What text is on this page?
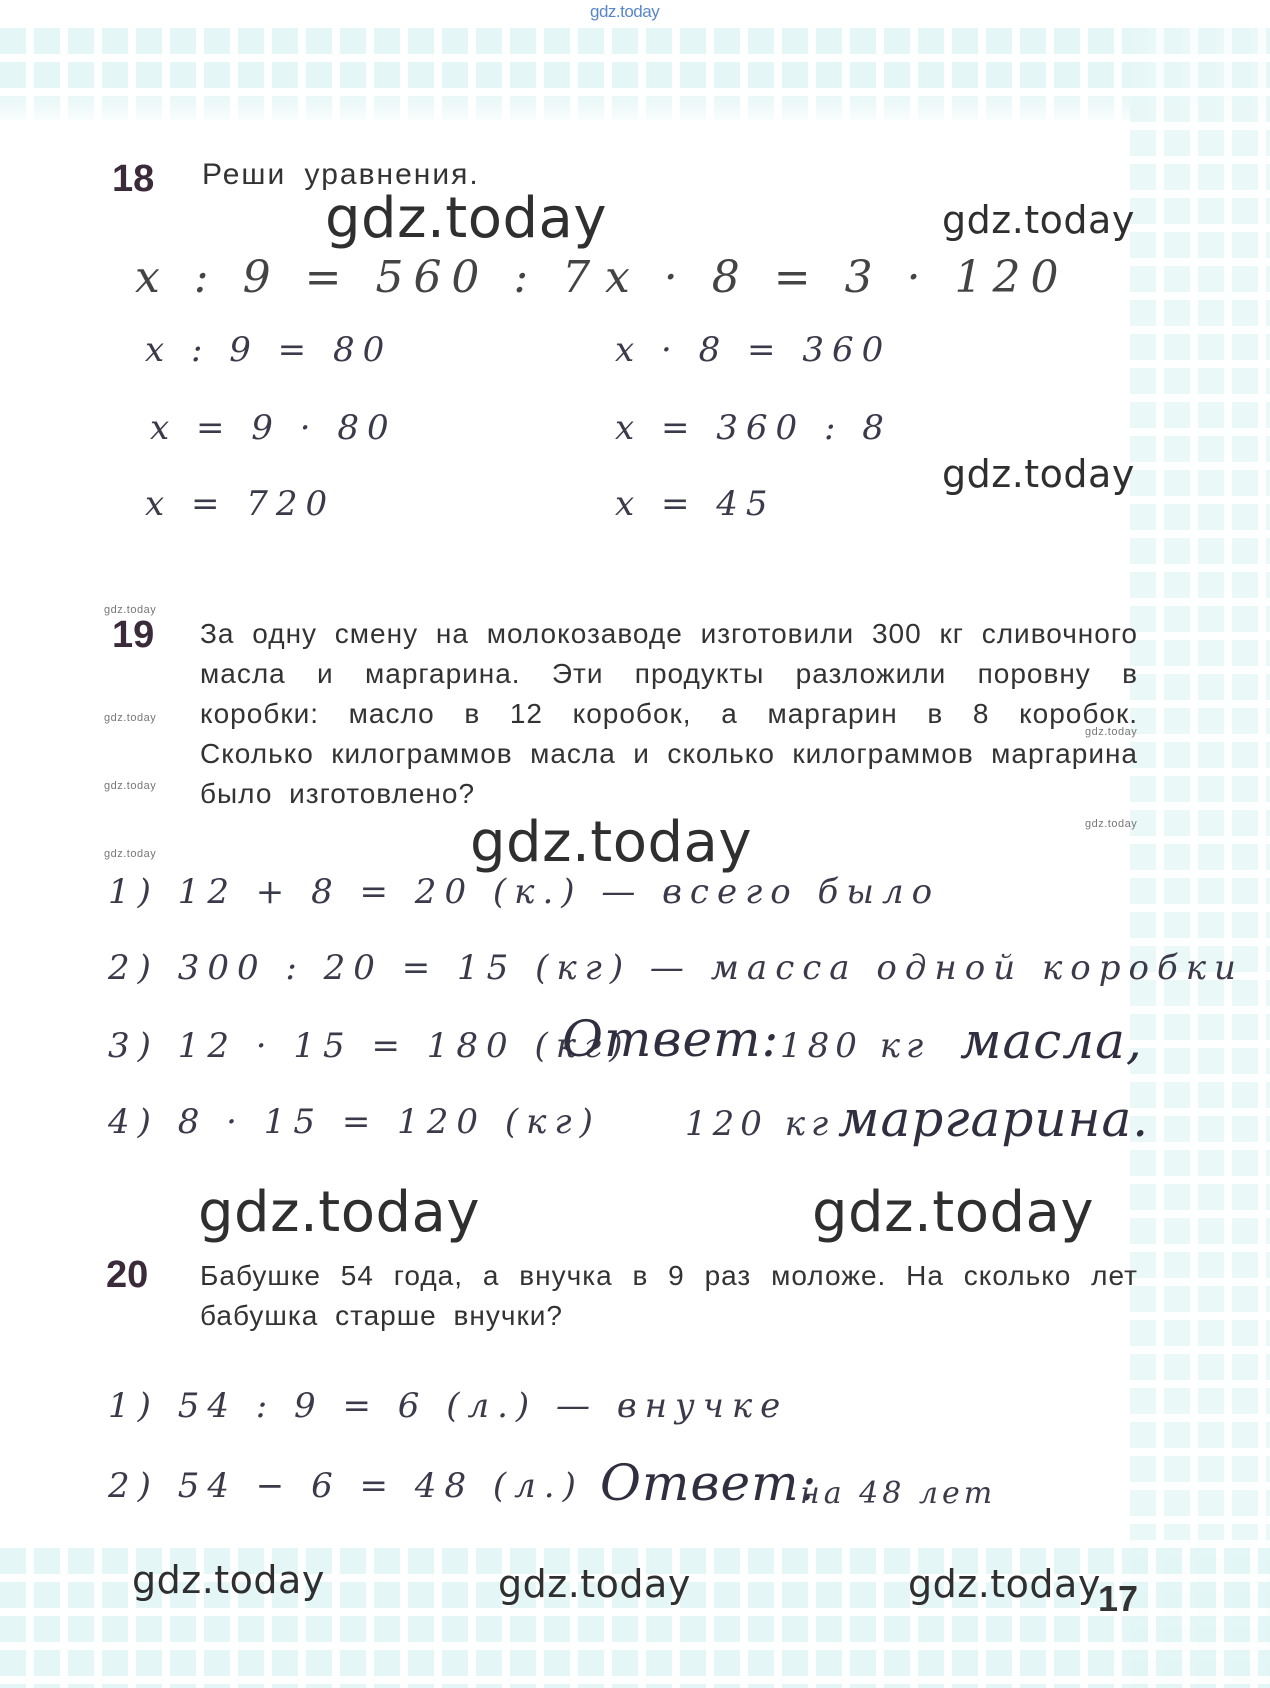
gdz.today
18 Реши уравнения.
gdz.today	gdz.today
gdz.today
x : 9 = 560 : 7
x : 9 = 80
x = 9 · 80
x = 720
x · 8 = 3 · 120
x · 8 = 360
x = 360 : 8
x = 45
gdz.today
19 За одну смену на молокозаводе изготовили 300 кг сливочного масла и маргарина. Эти продукты разложили поровну в коробки: масло в 12 коробок, а маргарин в 8 коробок. Сколько килограммов масла и сколько килограммов маргарина было изготовлено?
gdz.today
gdz.today
gdz.today
gdz.today
gdz.today	gdz.today
1) 12 + 8 = 20 (к.) — всего было
2) 300 : 20 = 15 (кг) — масса одной коробки
3) 12 · 15 = 180 (кг)
4) 8 · 15 = 120 (кг)
Ответ: 180 кг масла,
120 кг маргарина.
gdz.today	gdz.today
20 Бабушке 54 года, а внучка в 9 раз моложе. На сколько лет бабушка старше внучки?
1) 54 : 9 = 6 (л.) — внучке
2) 54 − 6 = 48 (л.) Ответ:
на 48 лет
gdz.today	gdz.today	gdz.today
17
